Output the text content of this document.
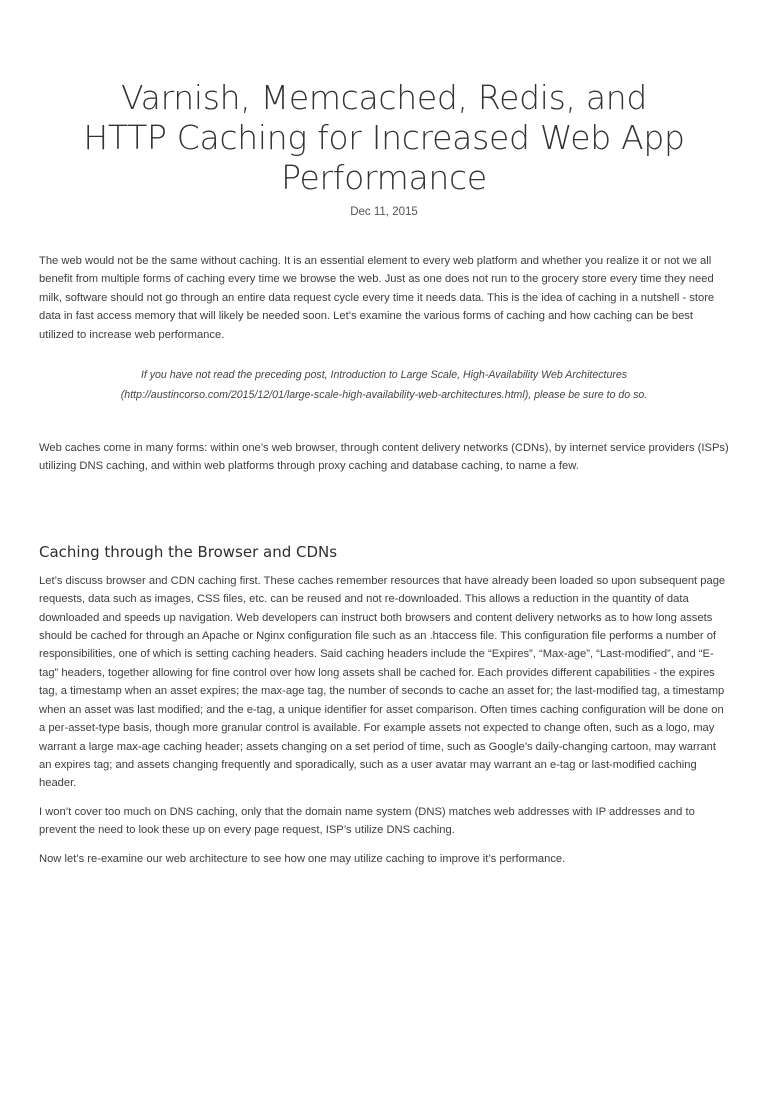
Varnish, Memcached, Redis, and HTTP Caching for Increased Web App Performance
Dec 11, 2015

The web would not be the same without caching. It is an essential element to every web platform and whether you realize it or not we all benefit from multiple forms of caching every time we browse the web. Just as one does not run to the grocery store every time they need milk, software should not go through an entire data request cycle every time it needs data. This is the idea of caching in a nutshell - store data in fast access memory that will likely be needed soon. Let’s examine the various forms of caching and how caching can be best utilized to increase web performance.

If you have not read the preceding post, Introduction to Large Scale, High-Availability Web Architectures (http://austincorso.com/2015/12/01/large-scale-high-availability-web-architectures.html), please be sure to do so.

Web caches come in many forms: within one’s web browser, through content delivery networks (CDNs), by internet service providers (ISPs) utilizing DNS caching, and within web platforms through proxy caching and database caching, to name a few.

Caching through the Browser and CDNs

Let’s discuss browser and CDN caching first. These caches remember resources that have already been loaded so upon subsequent page requests, data such as images, CSS files, etc. can be reused and not re-downloaded. This allows a reduction in the quantity of data downloaded and speeds up navigation. Web developers can instruct both browsers and content delivery networks as to how long assets should be cached for through an Apache or Nginx configuration file such as an .htaccess file. This configuration file performs a number of responsibilities, one of which is setting caching headers. Said caching headers include the “Expires”, “Max-age”, “Last-modified”, and “E-tag” headers, together allowing for fine control over how long assets shall be cached for. Each provides different capabilities - the expires tag, a timestamp when an asset expires; the max-age tag, the number of seconds to cache an asset for; the last-modified tag, a timestamp when an asset was last modified; and the e-tag, a unique identifier for asset comparison. Often times caching configuration will be done on a per-asset-type basis, though more granular control is available. For example assets not expected to change often, such as a logo, may warrant a large max-age caching header; assets changing on a set period of time, such as Google’s daily-changing cartoon, may warrant an expires tag; and assets changing frequently and sporadically, such as a user avatar may warrant an e-tag or last-modified caching header.

I won’t cover too much on DNS caching, only that the domain name system (DNS) matches web addresses with IP addresses and to prevent the need to look these up on every page request, ISP’s utilize DNS caching.

Now let’s re-examine our web architecture to see how one may utilize caching to improve it’s performance.
